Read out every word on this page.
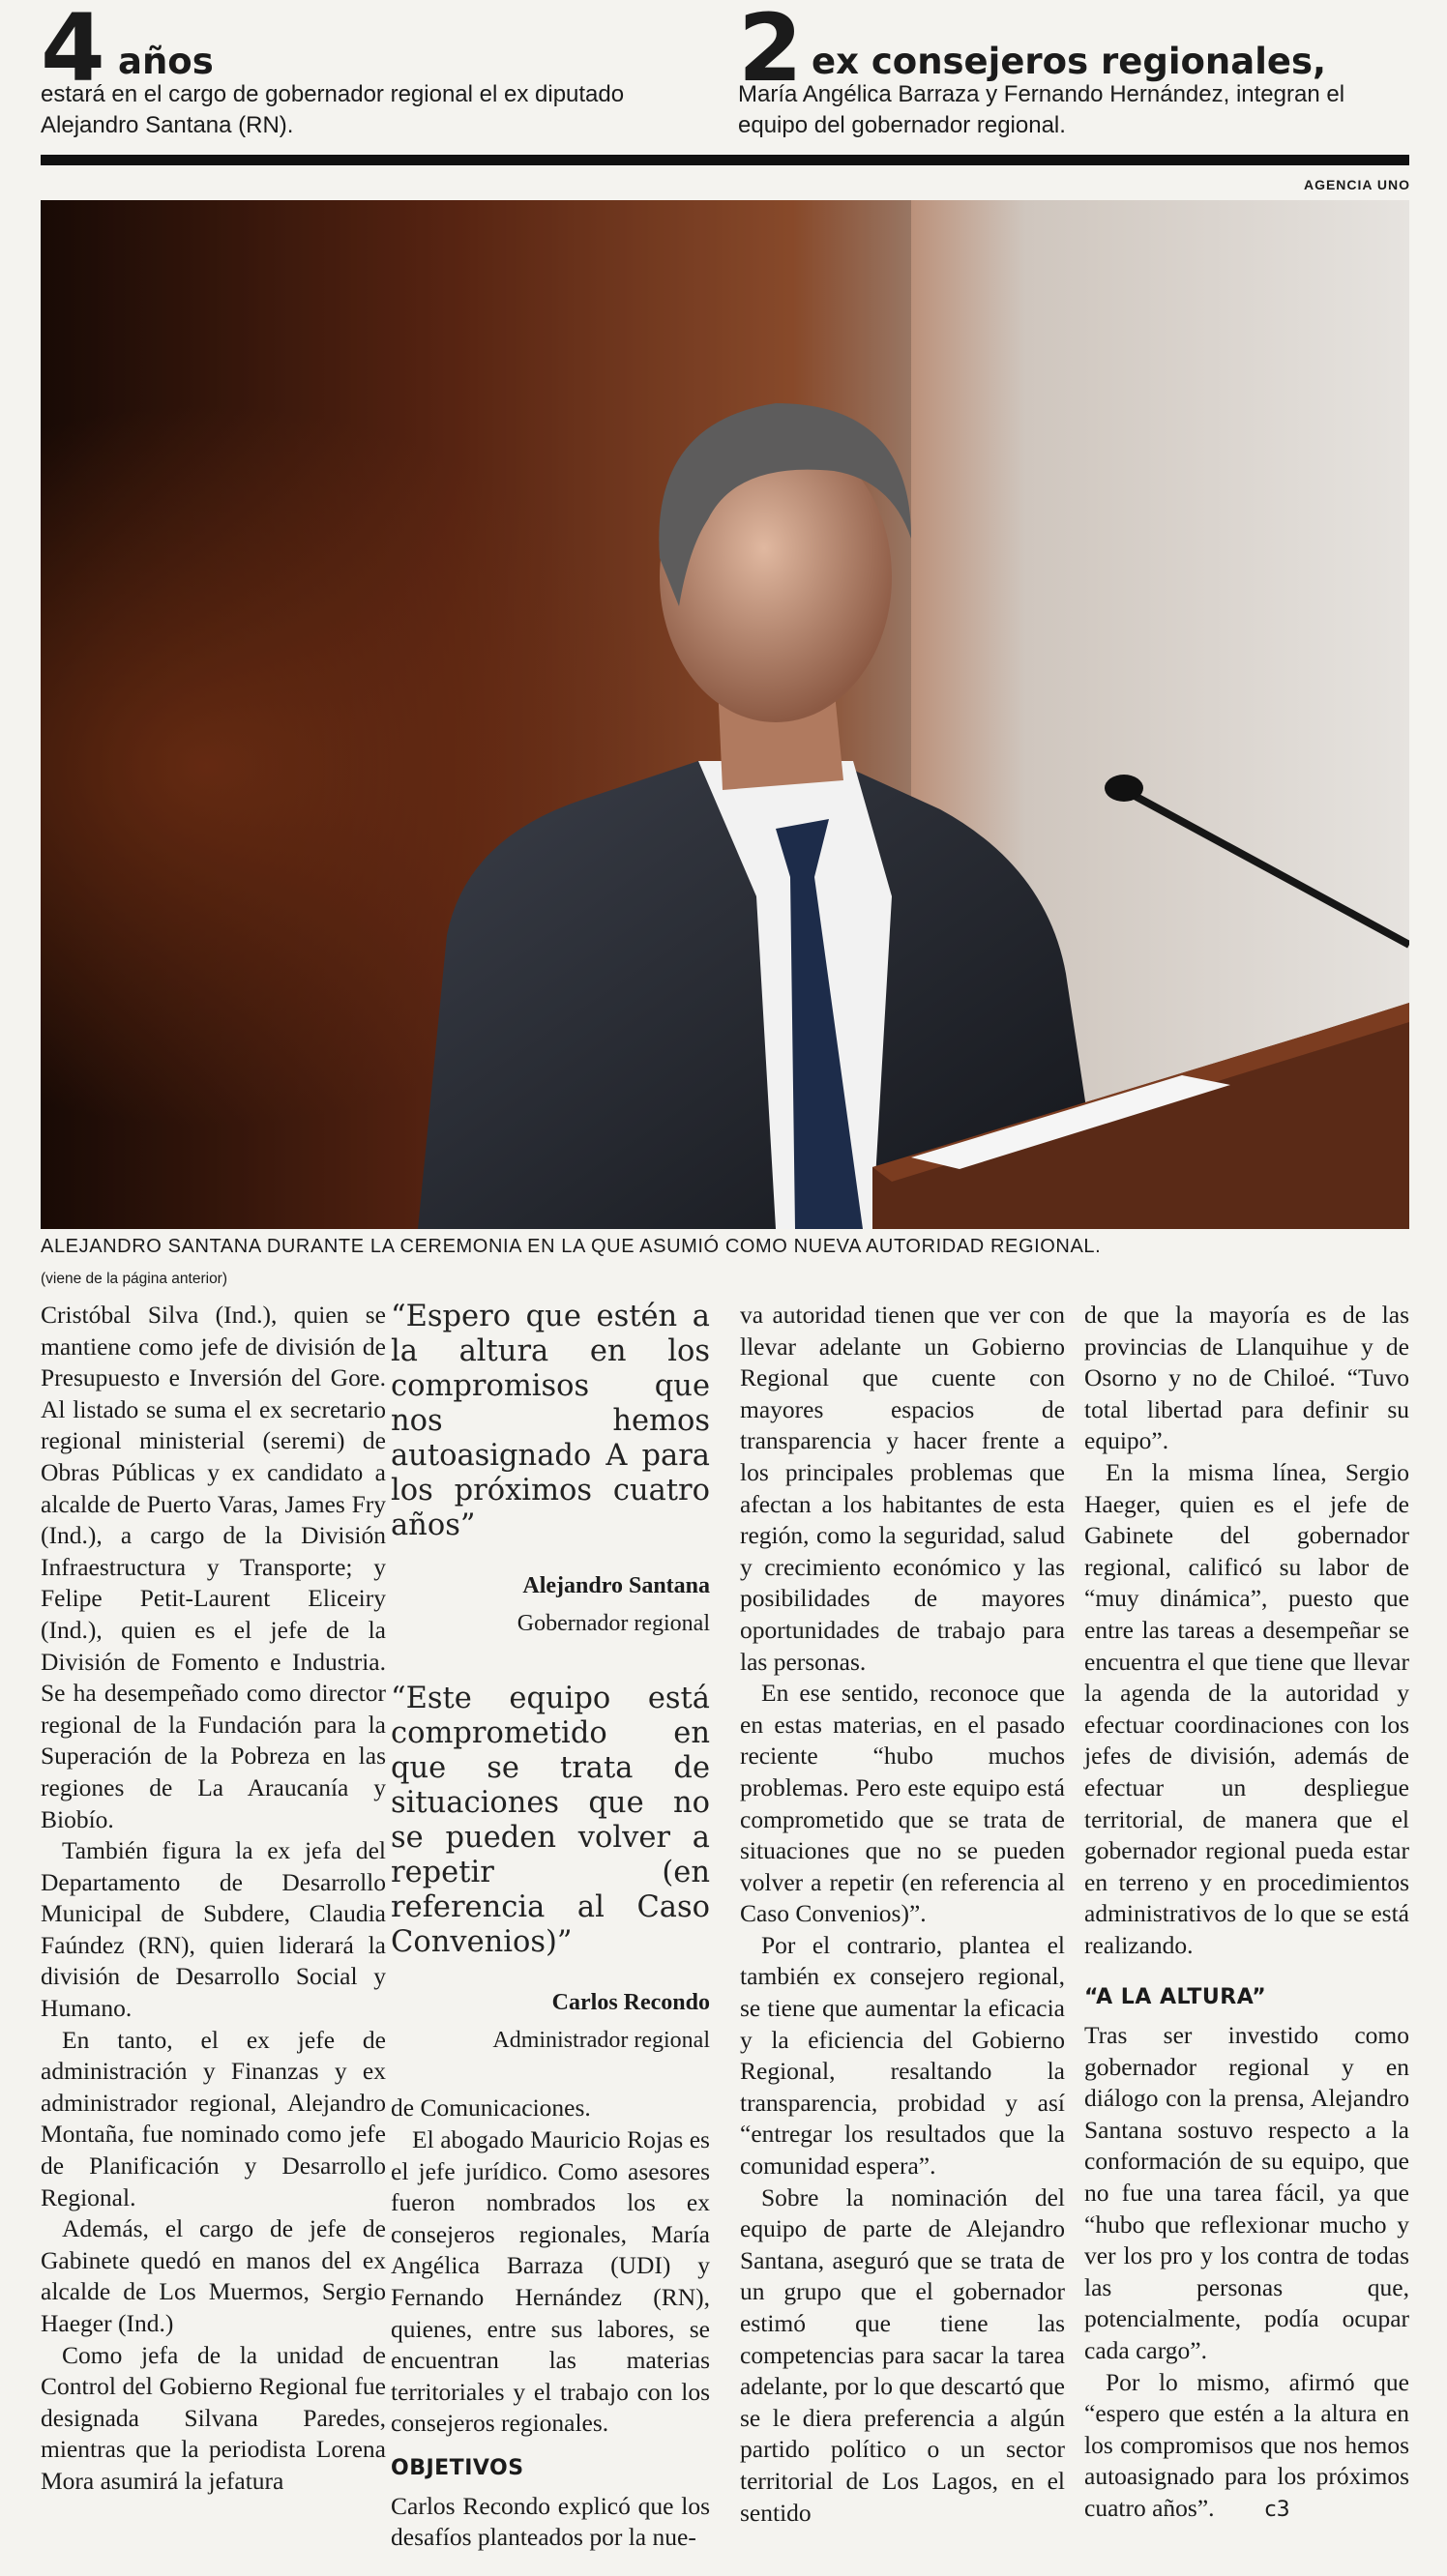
4 años
estará en el cargo de gobernador regional el ex diputado
Alejandro Santana (RN).
2 ex consejeros regionales,
María Angélica Barraza y Fernando Hernández, integran el
equipo del gobernador regional.
AGENCIA UNO
ALEJANDRO SANTANA DURANTE LA CEREMONIA EN LA QUE ASUMIÓ COMO NUEVA AUTORIDAD REGIONAL.
(viene de la página anterior)

Cristóbal Silva (Ind.), quien se mantiene como jefe de división de Presupuesto e Inversión del Gore. Al listado se suma el ex secretario regional ministerial (seremi) de Obras Públicas y ex candidato a alcalde de Puerto Varas, James Fry (Ind.), a cargo de la División Infraestructura y Transporte; y Felipe Petit-Laurent Eliceiry (Ind.), quien es el jefe de la División de Fomento e Industria. Se ha desempeñado como director regional de la Fundación para la Superación de la Pobreza en las regiones de La Araucanía y Biobío.

También figura la ex jefa del Departamento de Desarrollo Municipal de Subdere, Claudia Faúndez (RN), quien liderará la división de Desarrollo Social y Humano.

En tanto, el ex jefe de administración y Finanzas y ex administrador regional, Alejandro Montaña, fue nominado como jefe de Planificación y Desarrollo Regional.

Además, el cargo de jefe de Gabinete quedó en manos del ex alcalde de Los Muermos, Sergio Haeger (Ind.)

Como jefa de la unidad de Control del Gobierno Regional fue designada Silvana Paredes, mientras que la periodista Lorena Mora asumirá la jefatura

“Espero que estén a la altura en los compromisos que nos hemos autoasignado A para los próximos cuatro años”

Alejandro Santana
Gobernador regional

“Este equipo está comprometido en que se trata de situaciones que no se pueden volver a repetir (en referencia al Caso Convenios)”

Carlos Recondo
Administrador regional

de Comunicaciones.

El abogado Mauricio Rojas es el jefe jurídico. Como asesores fueron nombrados los ex consejeros regionales, María Angélica Barraza (UDI) y Fernando Hernández (RN), quienes, entre sus labores, se encuentran las materias territoriales y el trabajo con los consejeros regionales.

OBJETIVOS

Carlos Recondo explicó que los desafíos planteados por la nue-

va autoridad tienen que ver con llevar adelante un Gobierno Regional que cuente con mayores espacios de transparencia y hacer frente a los principales problemas que afectan a los habitantes de esta región, como la seguridad, salud y crecimiento económico y las posibilidades de mayores oportunidades de trabajo para las personas.

En ese sentido, reconoce que en estas materias, en el pasado reciente “hubo muchos problemas. Pero este equipo está comprometido que se trata de situaciones que no se pueden volver a repetir (en referencia al Caso Convenios)”.

Por el contrario, plantea el también ex consejero regional, se tiene que aumentar la eficacia y la eficiencia del Gobierno Regional, resaltando la transparencia, probidad y así “entregar los resultados que la comunidad espera”.

Sobre la nominación del equipo de parte de Alejandro Santana, aseguró que se trata de un grupo que el gobernador estimó que tiene las competencias para sacar la tarea adelante, por lo que descartó que se le diera preferencia a algún partido político o un sector territorial de Los Lagos, en el sentido

de que la mayoría es de las provincias de Llanquihue y de Osorno y no de Chiloé. “Tuvo total libertad para definir su equipo”.

En la misma línea, Sergio Haeger, quien es el jefe de Gabinete del gobernador regional, calificó su labor de “muy dinámica”, puesto que entre las tareas a desempeñar se encuentra el que tiene que llevar la agenda de la autoridad y efectuar coordinaciones con los jefes de división, además de efectuar un despliegue territorial, de manera que el gobernador regional pueda estar en terreno y en procedimientos administrativos de lo que se está realizando.

“A LA ALTURA”

Tras ser investido como gobernador regional y en diálogo con la prensa, Alejandro Santana sostuvo respecto a la conformación de su equipo, que no fue una tarea fácil, ya que “hubo que reflexionar mucho y ver los pro y los contra de todas las personas que, potencialmente, podía ocupar cada cargo”.

Por lo mismo, afirmó que “espero que estén a la altura en los compromisos que nos hemos autoasignado para los próximos cuatro años”. c3
